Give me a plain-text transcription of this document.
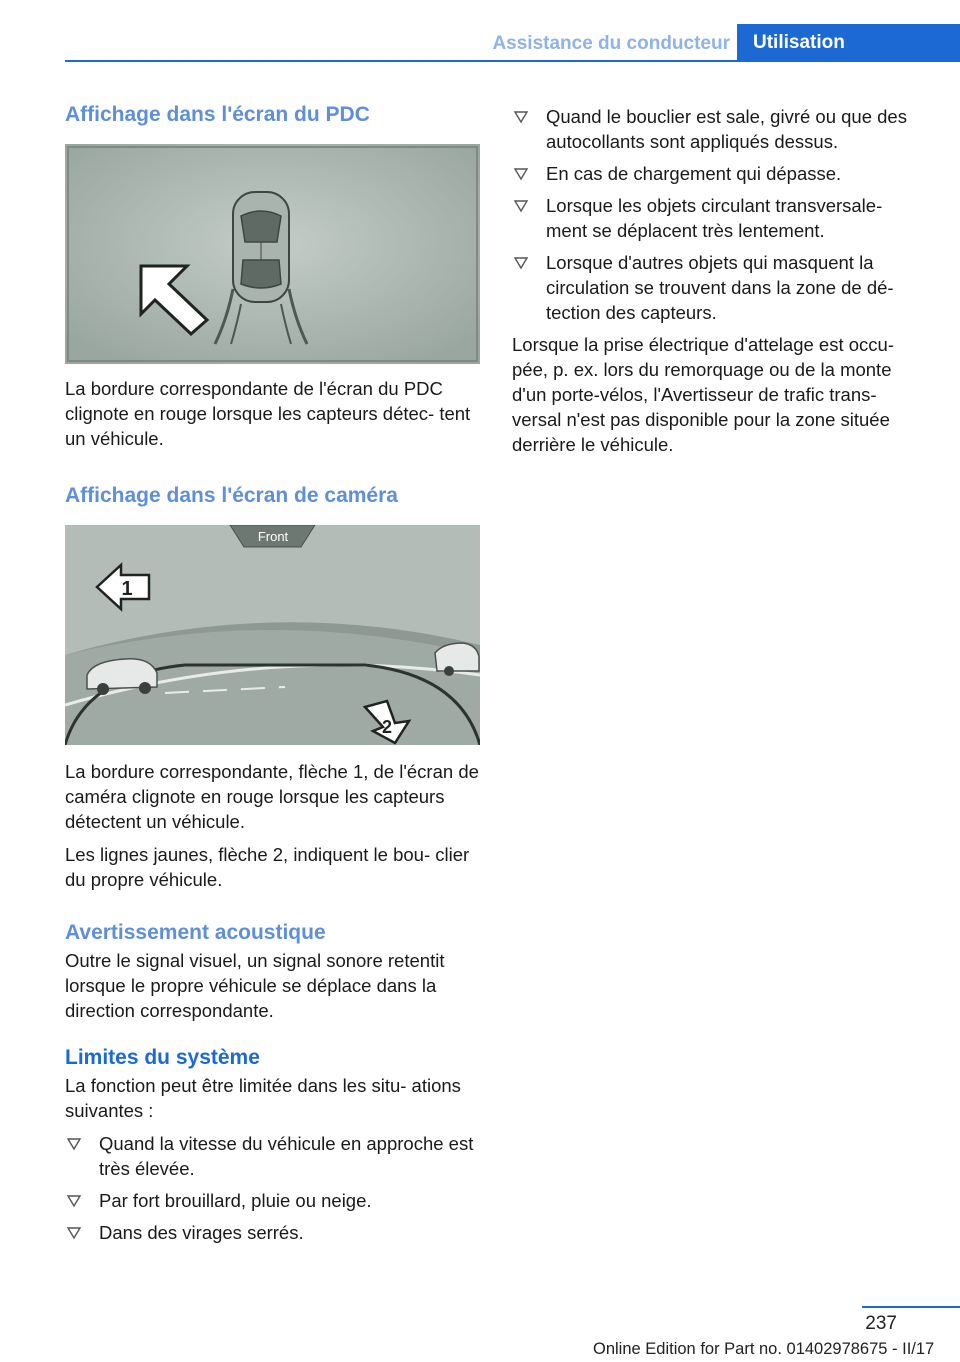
Assistance du conducteur	Utilisation
Affichage dans l'écran du PDC

La bordure correspondante de l'écran du PDC clignote en rouge lorsque les capteurs détec‐ tent un véhicule.

Affichage dans l'écran de caméra
Front
1
2

La bordure correspondante, flèche 1, de l'écran de caméra clignote en rouge lorsque les capteurs détectent un véhicule.

Les lignes jaunes, flèche 2, indiquent le bou‐ clier du propre véhicule.

Avertissement acoustique

Outre le signal visuel, un signal sonore retentit lorsque le propre véhicule se déplace dans la direction correspondante.

Limites du système

La fonction peut être limitée dans les situ‐ ations suivantes :

Quand la vitesse du véhicule en approche est très élevée.
Par fort brouillard, pluie ou neige.
Dans des virages serrés.
Quand le bouclier est sale, givré ou que des autocollants sont appliqués dessus.
En cas de chargement qui dépasse.
Lorsque les objets circulant transversale‐ ment se déplacent très lentement.
Lorsque d'autres objets qui masquent la circulation se trouvent dans la zone de dé‐ tection des capteurs.

Lorsque la prise électrique d'attelage est occu‐ pée, p. ex. lors du remorquage ou de la monte d'un porte-vélos, l'Avertisseur de trafic trans‐ versal n'est pas disponible pour la zone située derrière le véhicule.

237
Online Edition for Part no. 01402978675 - II/17
